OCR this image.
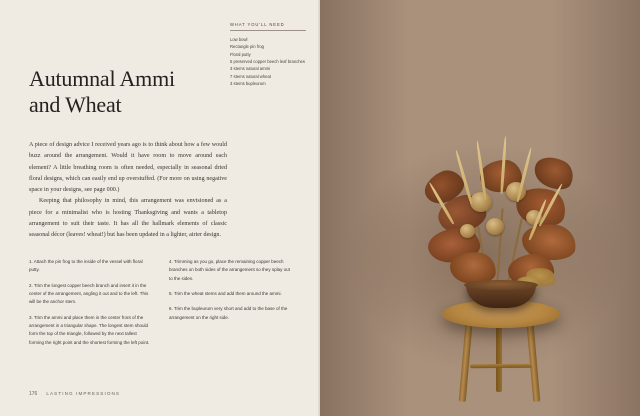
WHAT YOU'LL NEED
Low bowl
Rectangle pin frog
Floral putty
5 preserved copper beech leaf branches
3 stems natural ammi
7 stems natural wheat
3 stems bupleurum
Autumnal Ammi and Wheat

A piece of design advice I received years ago is to think about how a few would buzz around the arrangement. Would it have room to move around each element? A little breathing room is often needed, especially in seasonal dried floral designs, which can easily end up overstuffed. (For more on using negative space in your designs, see page 000.)

Keeping that philosophy in mind, this arrangement was envisioned as a piece for a minimalist who is hosting Thanksgiving and wants a tabletop arrangement to suit their taste. It has all the hallmark elements of classic seasonal décor (leaves! wheat!) but has been updated in a lighter, airier design.

1. Attach the pin frog to the inside of the vessel with floral putty.
2. Trim the longest copper beech branch and insert it in the center of the arrangement, angling it out and to the left. This will be the anchor stem.
3. Trim the ammi and place them in the center front of the arrangement in a triangular shape. The longest stem should form the top of the triangle, followed by the next tallest forming the right point and the shortest forming the left point.
4. Trimming as you go, place the remaining copper beech branches on both sides of the arrangement so they splay out to the sides.
5. Trim the wheat stems and add them around the ammi.
6. Trim the bupleurum very short and add to the base of the arrangement on the right side.
176 LASTING IMPRESSIONS
